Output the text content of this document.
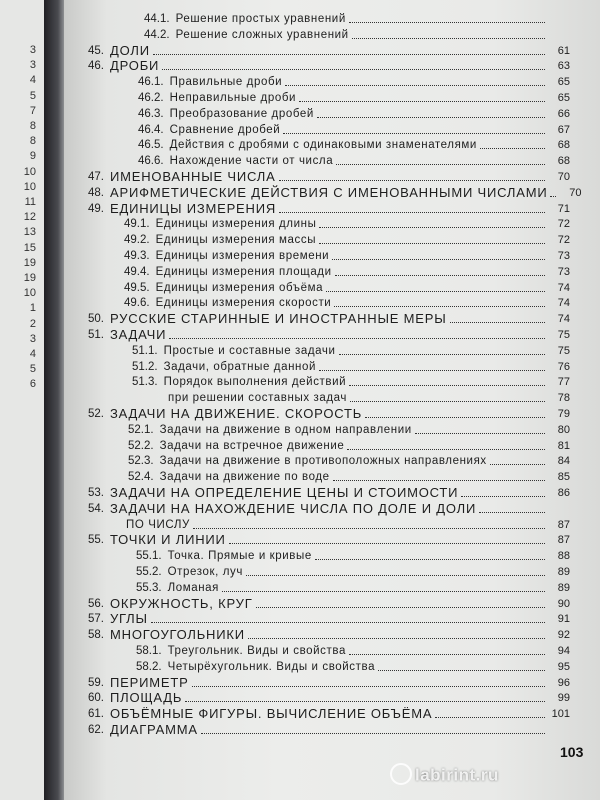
3
3
4
5
7
8
8
9
10
10
11
12
13
15
19
19
10
1
2
3
4
5
6
103
44.1. Решение простых уравнений
44.2. Решение сложных уравнений
45. ДОЛИ	61
46. ДРОБИ	63
46.1. Правильные дроби	65
46.2. Неправильные дроби	65
46.3. Преобразование дробей	66
46.4. Сравнение дробей	67
46.5. Действия с дробями с одинаковыми знаменателями	68
46.6. Нахождение части от числа	68
47. ИМЕНОВАННЫЕ ЧИСЛА	70
48. АРИФМЕТИЧЕСКИЕ ДЕЙСТВИЯ С ИМЕНОВАННЫМИ ЧИСЛАМИ	70
49. ЕДИНИЦЫ ИЗМЕРЕНИЯ	71
49.1. Единицы измерения длины	72
49.2. Единицы измерения массы	72
49.3. Единицы измерения времени	73
49.4. Единицы измерения площади	73
49.5. Единицы измерения объёма	74
49.6. Единицы измерения скорости	74
50. РУССКИЕ СТАРИННЫЕ И ИНОСТРАННЫЕ МЕРЫ	74
51. ЗАДАЧИ	75
51.1. Простые и составные задачи	75
51.2. Задачи, обратные данной	76
51.3. Порядок выполнения действий	77
при решении составных задач	78
52. ЗАДАЧИ НА ДВИЖЕНИЕ. СКОРОСТЬ	79
52.1. Задачи на движение в одном направлении	80
52.2. Задачи на встречное движение	81
52.3. Задачи на движение в противоположных направлениях	84
52.4. Задачи на движение по воде	85
53. ЗАДАЧИ НА ОПРЕДЕЛЕНИЕ ЦЕНЫ И СТОИМОСТИ	86
54. ЗАДАЧИ НА НАХОЖДЕНИЕ ЧИСЛА ПО ДОЛЕ И ДОЛИ
ПО ЧИСЛУ	87
55. ТОЧКИ И ЛИНИИ	87
55.1. Точка. Прямые и кривые	88
55.2. Отрезок, луч	89
55.3. Ломаная	89
56. ОКРУЖНОСТЬ, КРУГ	90
57. УГЛЫ	91
58. МНОГОУГОЛЬНИКИ	92
58.1. Треугольник. Виды и свойства	94
58.2. Четырёхугольник. Виды и свойства	95
59. ПЕРИМЕТР	96
60. ПЛОЩАДЬ	99
61. ОБЪЁМНЫЕ ФИГУРЫ. ВЫЧИСЛЕНИЕ ОБЪЁМА	101
62. ДИАГРАММА
labirint.ru
